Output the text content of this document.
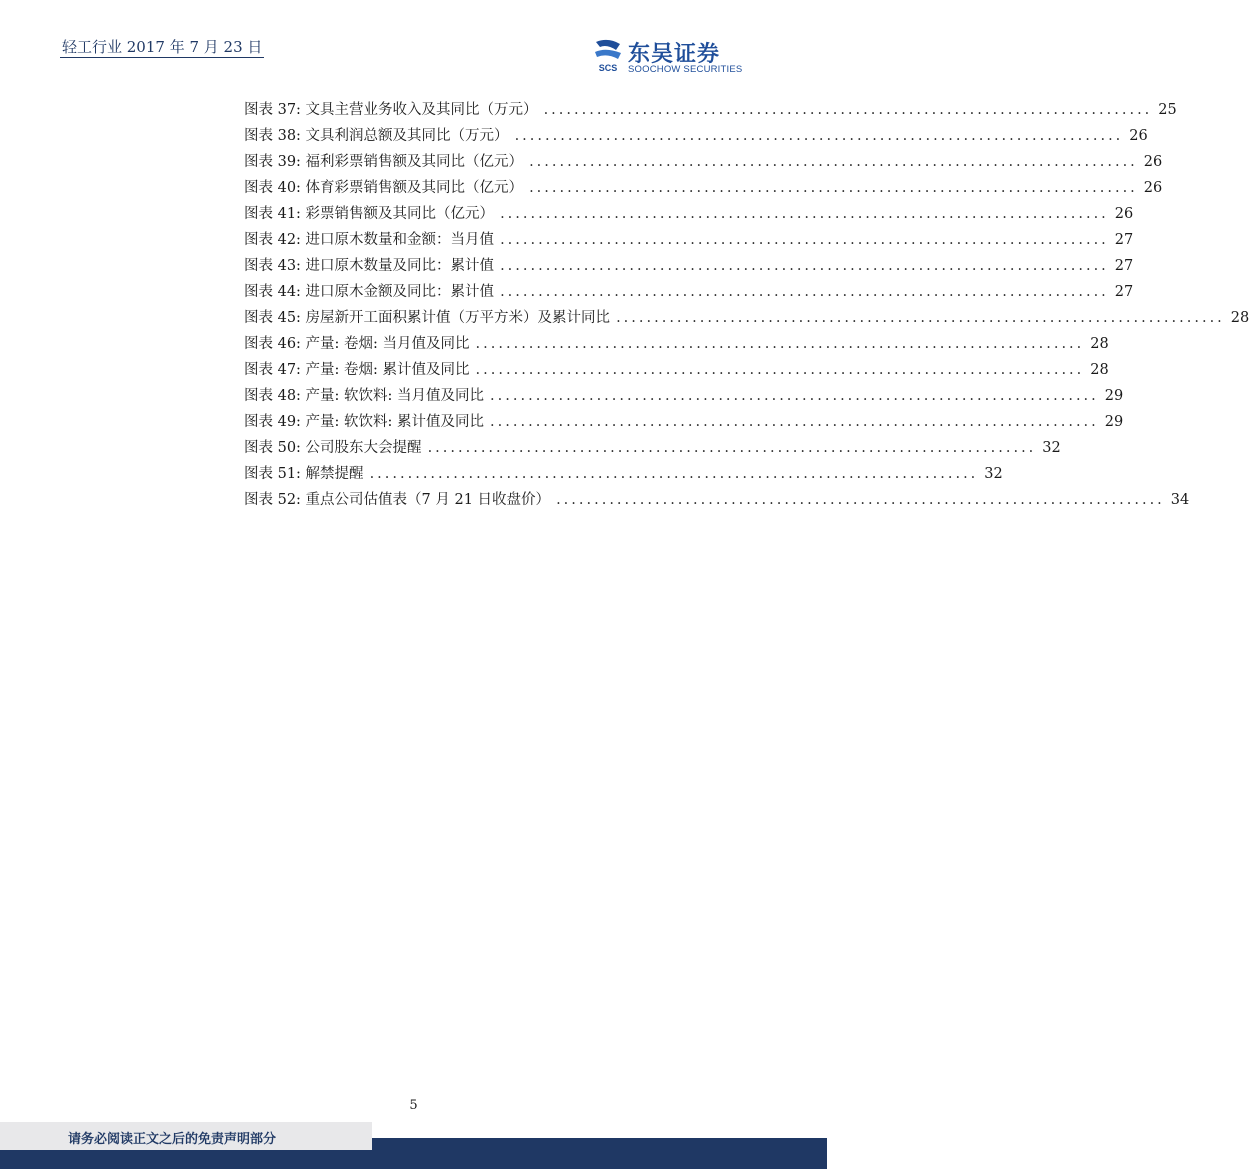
轻工行业 2017 年 7 月 23 日
SCS
东吴证券
SOOCHOW SECURITIES
图表 37: 文具主营业务收入及其同比（万元） ................................................................................ 25
图表 38: 文具利润总额及其同比（万元） ................................................................................ 26
图表 39: 福利彩票销售额及其同比（亿元） ................................................................................ 26
图表 40: 体育彩票销售额及其同比（亿元） ................................................................................ 26
图表 41: 彩票销售额及其同比（亿元） ................................................................................ 26
图表 42: 进口原木数量和金额：当月值 ................................................................................ 27
图表 43: 进口原木数量及同比：累计值 ................................................................................ 27
图表 44: 进口原木金额及同比：累计值 ................................................................................ 27
图表 45: 房屋新开工面积累计值（万平方米）及累计同比 ................................................................................ 28
图表 46: 产量: 卷烟: 当月值及同比 ................................................................................ 28
图表 47: 产量: 卷烟: 累计值及同比 ................................................................................ 28
图表 48: 产量: 软饮料: 当月值及同比 ................................................................................ 29
图表 49: 产量: 软饮料: 累计值及同比 ................................................................................ 29
图表 50: 公司股东大会提醒 ................................................................................ 32
图表 51: 解禁提醒 ................................................................................ 32
图表 52: 重点公司估值表（7 月 21 日收盘价） ................................................................................ 34
5
请务必阅读正文之后的免责声明部分
